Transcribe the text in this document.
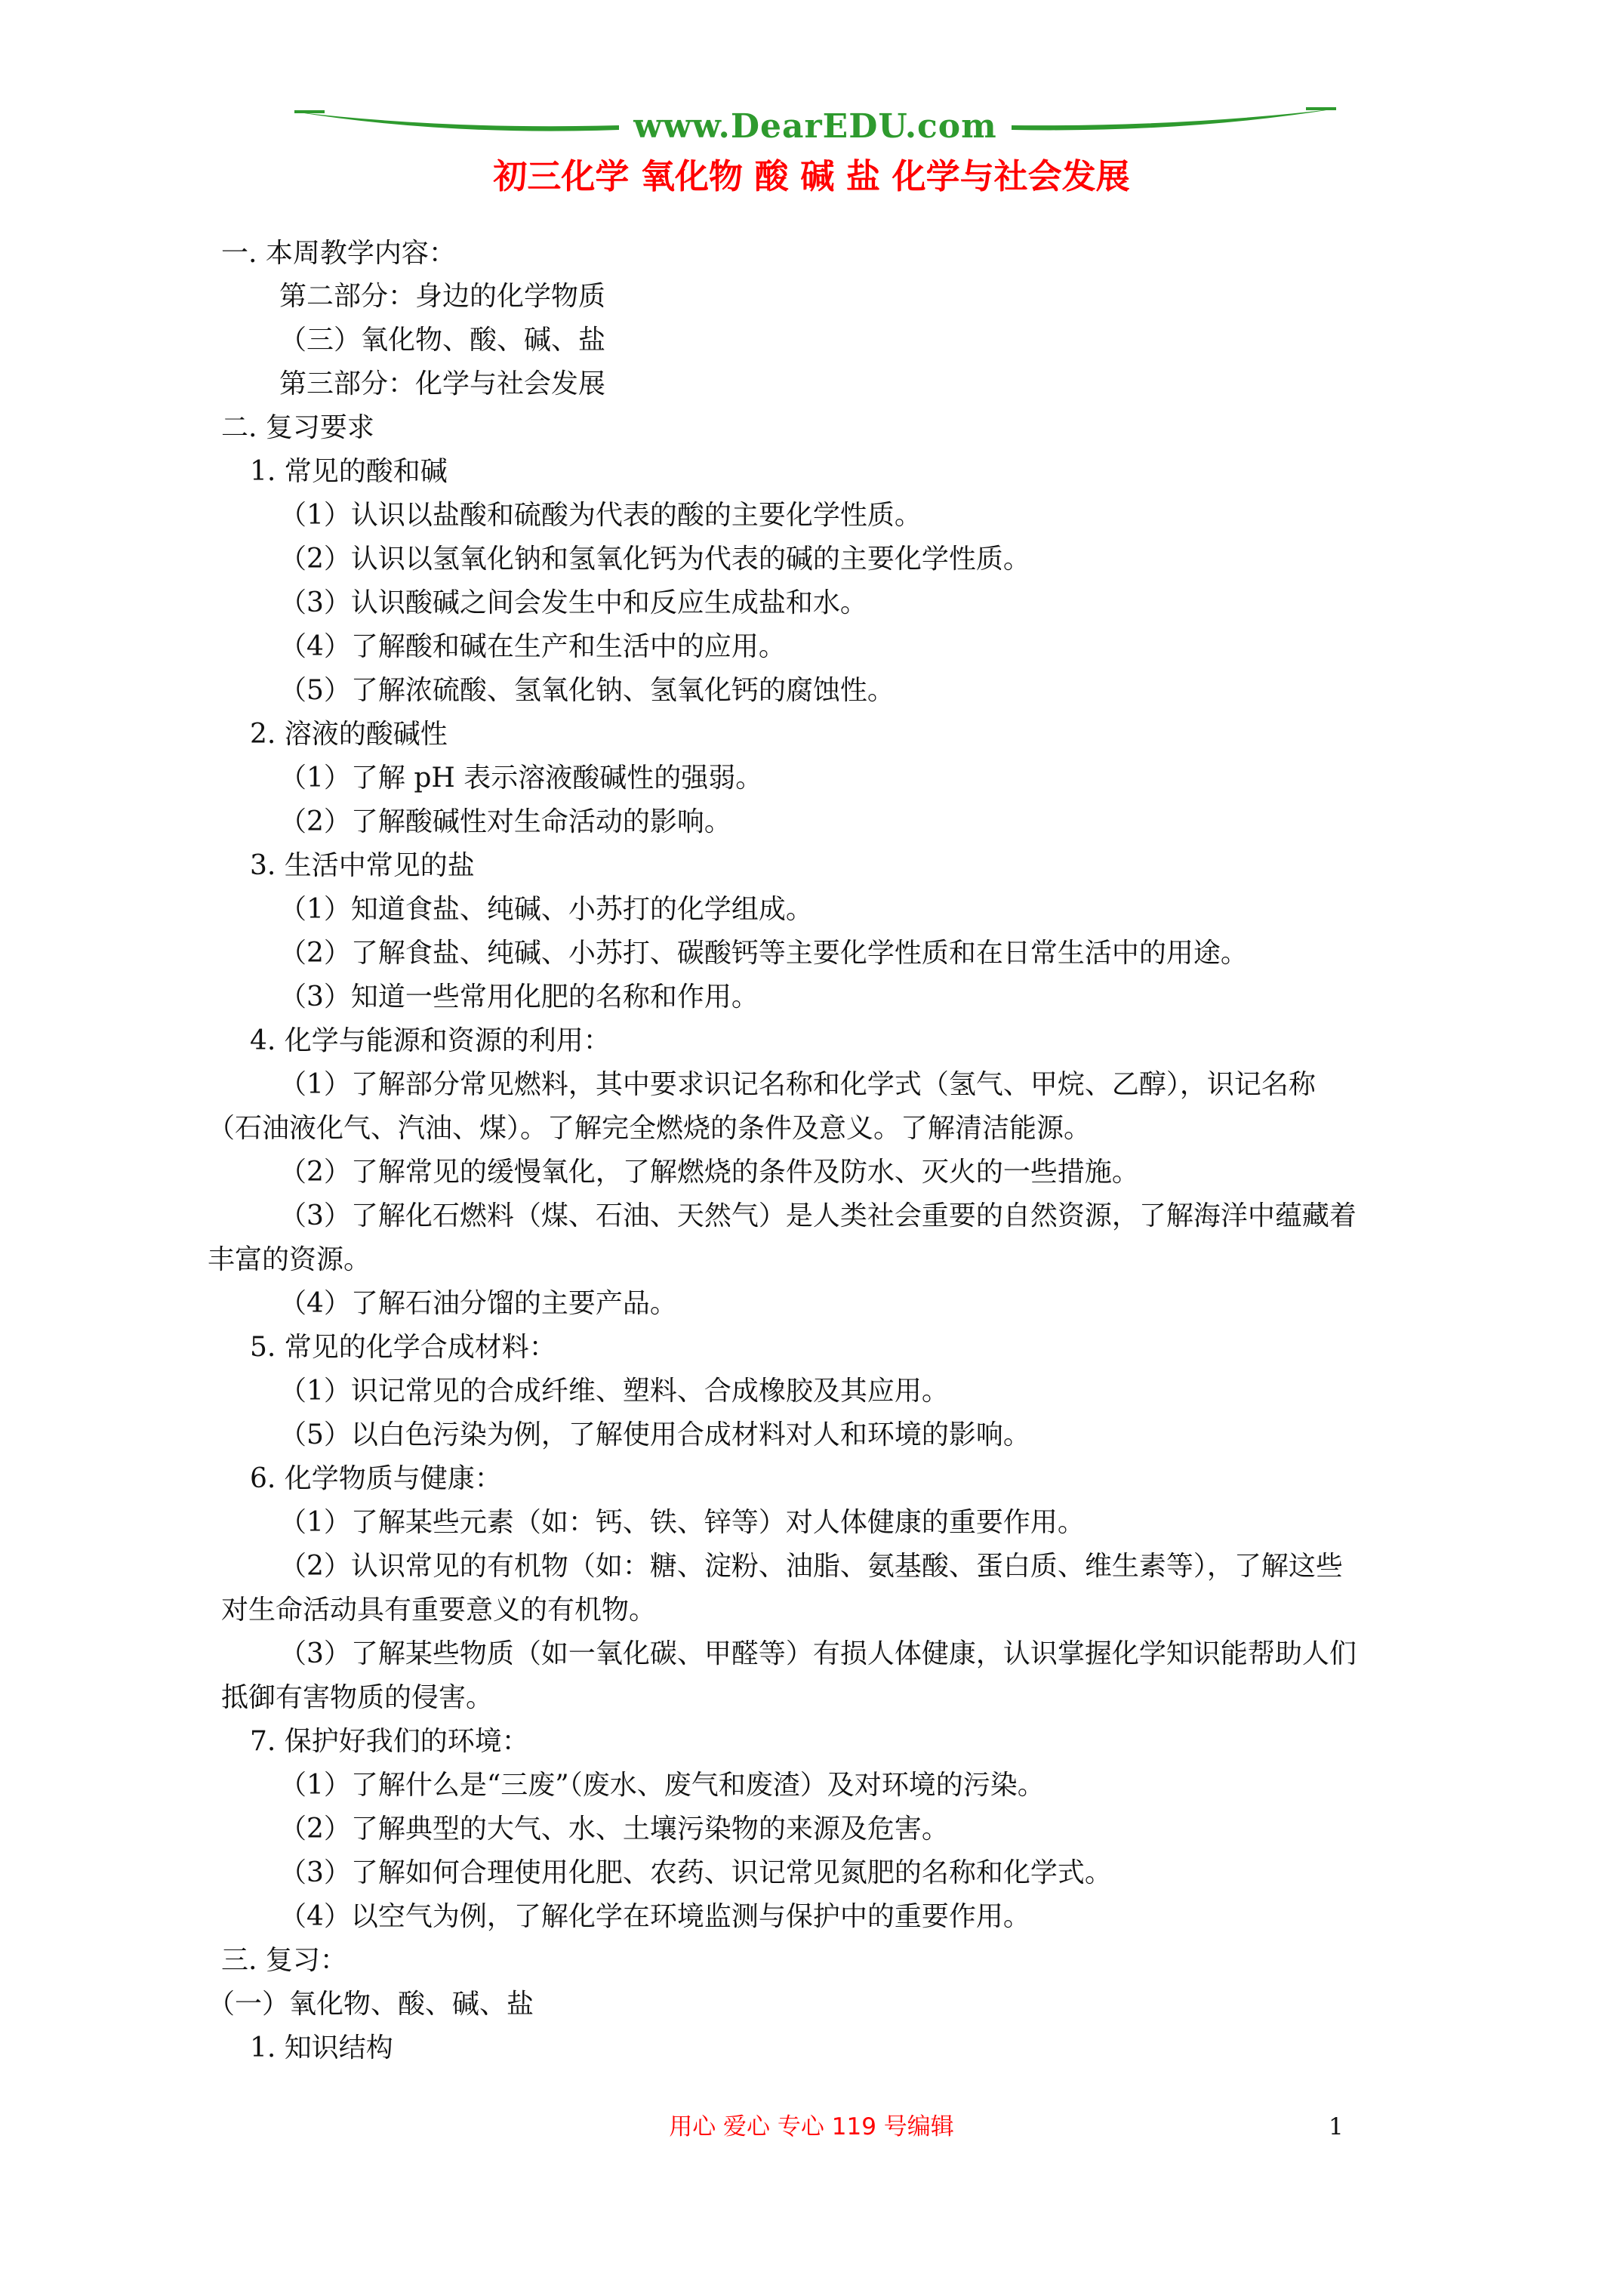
www.DearEDU.com
初三化学 氧化物 酸 碱 盐 化学与社会发展
一. 本周教学内容：
第二部分：身边的化学物质
（三）氧化物、酸、碱、盐
第三部分：化学与社会发展
二. 复习要求
1. 常见的酸和碱
（1）认识以盐酸和硫酸为代表的酸的主要化学性质。
（2）认识以氢氧化钠和氢氧化钙为代表的碱的主要化学性质。
（3）认识酸碱之间会发生中和反应生成盐和水。
（4）了解酸和碱在生产和生活中的应用。
（5）了解浓硫酸、氢氧化钠、氢氧化钙的腐蚀性。
2. 溶液的酸碱性
（1）了解 pH 表示溶液酸碱性的强弱。
（2）了解酸碱性对生命活动的影响。
3. 生活中常见的盐
（1）知道食盐、纯碱、小苏打的化学组成。
（2）了解食盐、纯碱、小苏打、碳酸钙等主要化学性质和在日常生活中的用途。
（3）知道一些常用化肥的名称和作用。
4. 化学与能源和资源的利用：
（1）了解部分常见燃料，其中要求识记名称和化学式（氢气、甲烷、乙醇），识记名称
（石油液化气、汽油、煤）。了解完全燃烧的条件及意义。了解清洁能源。
（2）了解常见的缓慢氧化，了解燃烧的条件及防水、灭火的一些措施。
（3）了解化石燃料（煤、石油、天然气）是人类社会重要的自然资源，了解海洋中蕴藏着
丰富的资源。
（4）了解石油分馏的主要产品。
5. 常见的化学合成材料：
（1）识记常见的合成纤维、塑料、合成橡胶及其应用。
（5）以白色污染为例，了解使用合成材料对人和环境的影响。
6. 化学物质与健康：
（1）了解某些元素（如：钙、铁、锌等）对人体健康的重要作用。
（2）认识常见的有机物（如：糖、淀粉、油脂、氨基酸、蛋白质、维生素等），了解这些
对生命活动具有重要意义的有机物。
（3）了解某些物质（如一氧化碳、甲醛等）有损人体健康，认识掌握化学知识能帮助人们
抵御有害物质的侵害。
7. 保护好我们的环境：
（1）了解什么是“三废”（废水、废气和废渣）及对环境的污染。
（2）了解典型的大气、水、土壤污染物的来源及危害。
（3）了解如何合理使用化肥、农药、识记常见氮肥的名称和化学式。
（4）以空气为例，了解化学在环境监测与保护中的重要作用。
三. 复习：
（一）氧化物、酸、碱、盐
1. 知识结构
用心 爱心 专心 119 号编辑	1
